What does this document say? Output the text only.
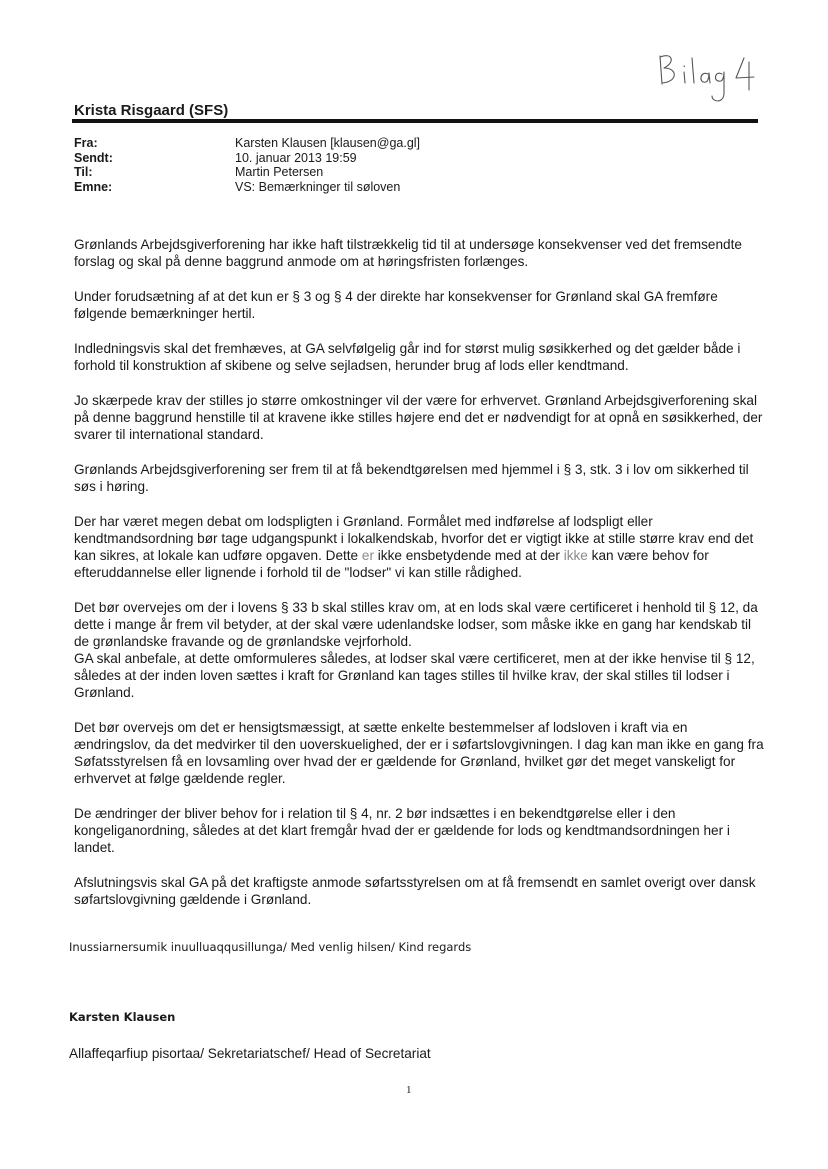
Krista Risgaard (SFS)
Fra:	Karsten Klausen [klausen@ga.gl]
Sendt:	10. januar 2013 19:59
Til:	Martin Petersen
Emne:	VS: Bemærkninger til søloven

Grønlands Arbejdsgiverforening har ikke haft tilstrækkelig tid til at undersøge konsekvenser ved det fremsendte forslag og skal på denne baggrund anmode om at høringsfristen forlænges.

Under forudsætning af at det kun er § 3 og § 4 der direkte har konsekvenser for Grønland skal GA fremføre følgende bemærkninger hertil.

Indledningsvis skal det fremhæves, at GA selvfølgelig går ind for størst mulig søsikkerhed og det gælder både i forhold til konstruktion af skibene og selve sejladsen, herunder brug af lods eller kendtmand.

Jo skærpede krav der stilles jo større omkostninger vil der være for erhvervet. Grønland Arbejdsgiverforening skal på denne baggrund henstille til at kravene ikke stilles højere end det er nødvendigt for at opnå en søsikkerhed, der svarer til international standard.

Grønlands Arbejdsgiverforening ser frem til at få bekendtgørelsen med hjemmel i § 3, stk. 3 i lov om sikkerhed til søs i høring.

Der har været megen debat om lodspligten i Grønland. Formålet med indførelse af lodspligt eller kendtmandsordning bør tage udgangspunkt i lokalkendskab, hvorfor det er vigtigt ikke at stille større krav end det kan sikres, at lokale kan udføre opgaven. Dette er ikke ensbetydende med at der ikke kan være behov for efteruddannelse eller lignende i forhold til de "lodser" vi kan stille rådighed.

Det bør overvejes om der i lovens § 33 b skal stilles krav om, at en lods skal være certificeret i henhold til § 12, da dette i mange år frem vil betyder, at der skal være udenlandske lodser, som måske ikke en gang har kendskab til de grønlandske fravande og de grønlandske vejrforhold.
GA skal anbefale, at dette omformuleres således, at lodser skal være certificeret, men at der ikke henvise til § 12, således at der inden loven sættes i kraft for Grønland kan tages stilles til hvilke krav, der skal stilles til lodser i Grønland.

Det bør overvejs om det er hensigtsmæssigt, at sætte enkelte bestemmelser af lodsloven i kraft via en ændringslov, da det medvirker til den uoverskuelighed, der er i søfartslovgivningen. I dag kan man ikke en gang fra Søfatsstyrelsen få en lovsamling over hvad der er gældende for Grønland, hvilket gør det meget vanskeligt for erhvervet at følge gældende regler.

De ændringer der bliver behov for i relation til § 4, nr. 2 bør indsættes i en bekendtgørelse eller i den kongeliganordning, således at det klart fremgår hvad der er gældende for lods og kendtmandsordningen her i landet.

Afslutningsvis skal GA på det kraftigste anmode søfartsstyrelsen om at få fremsendt en samlet overigt over dansk søfartslovgivning gældende i Grønland.

Inussiarnersumik inuulluaqqusillunga/ Med venlig hilsen/ Kind regards
Karsten Klausen
Allaffeqarfiup pisortaa/ Sekretariatschef/ Head of Secretariat
1
